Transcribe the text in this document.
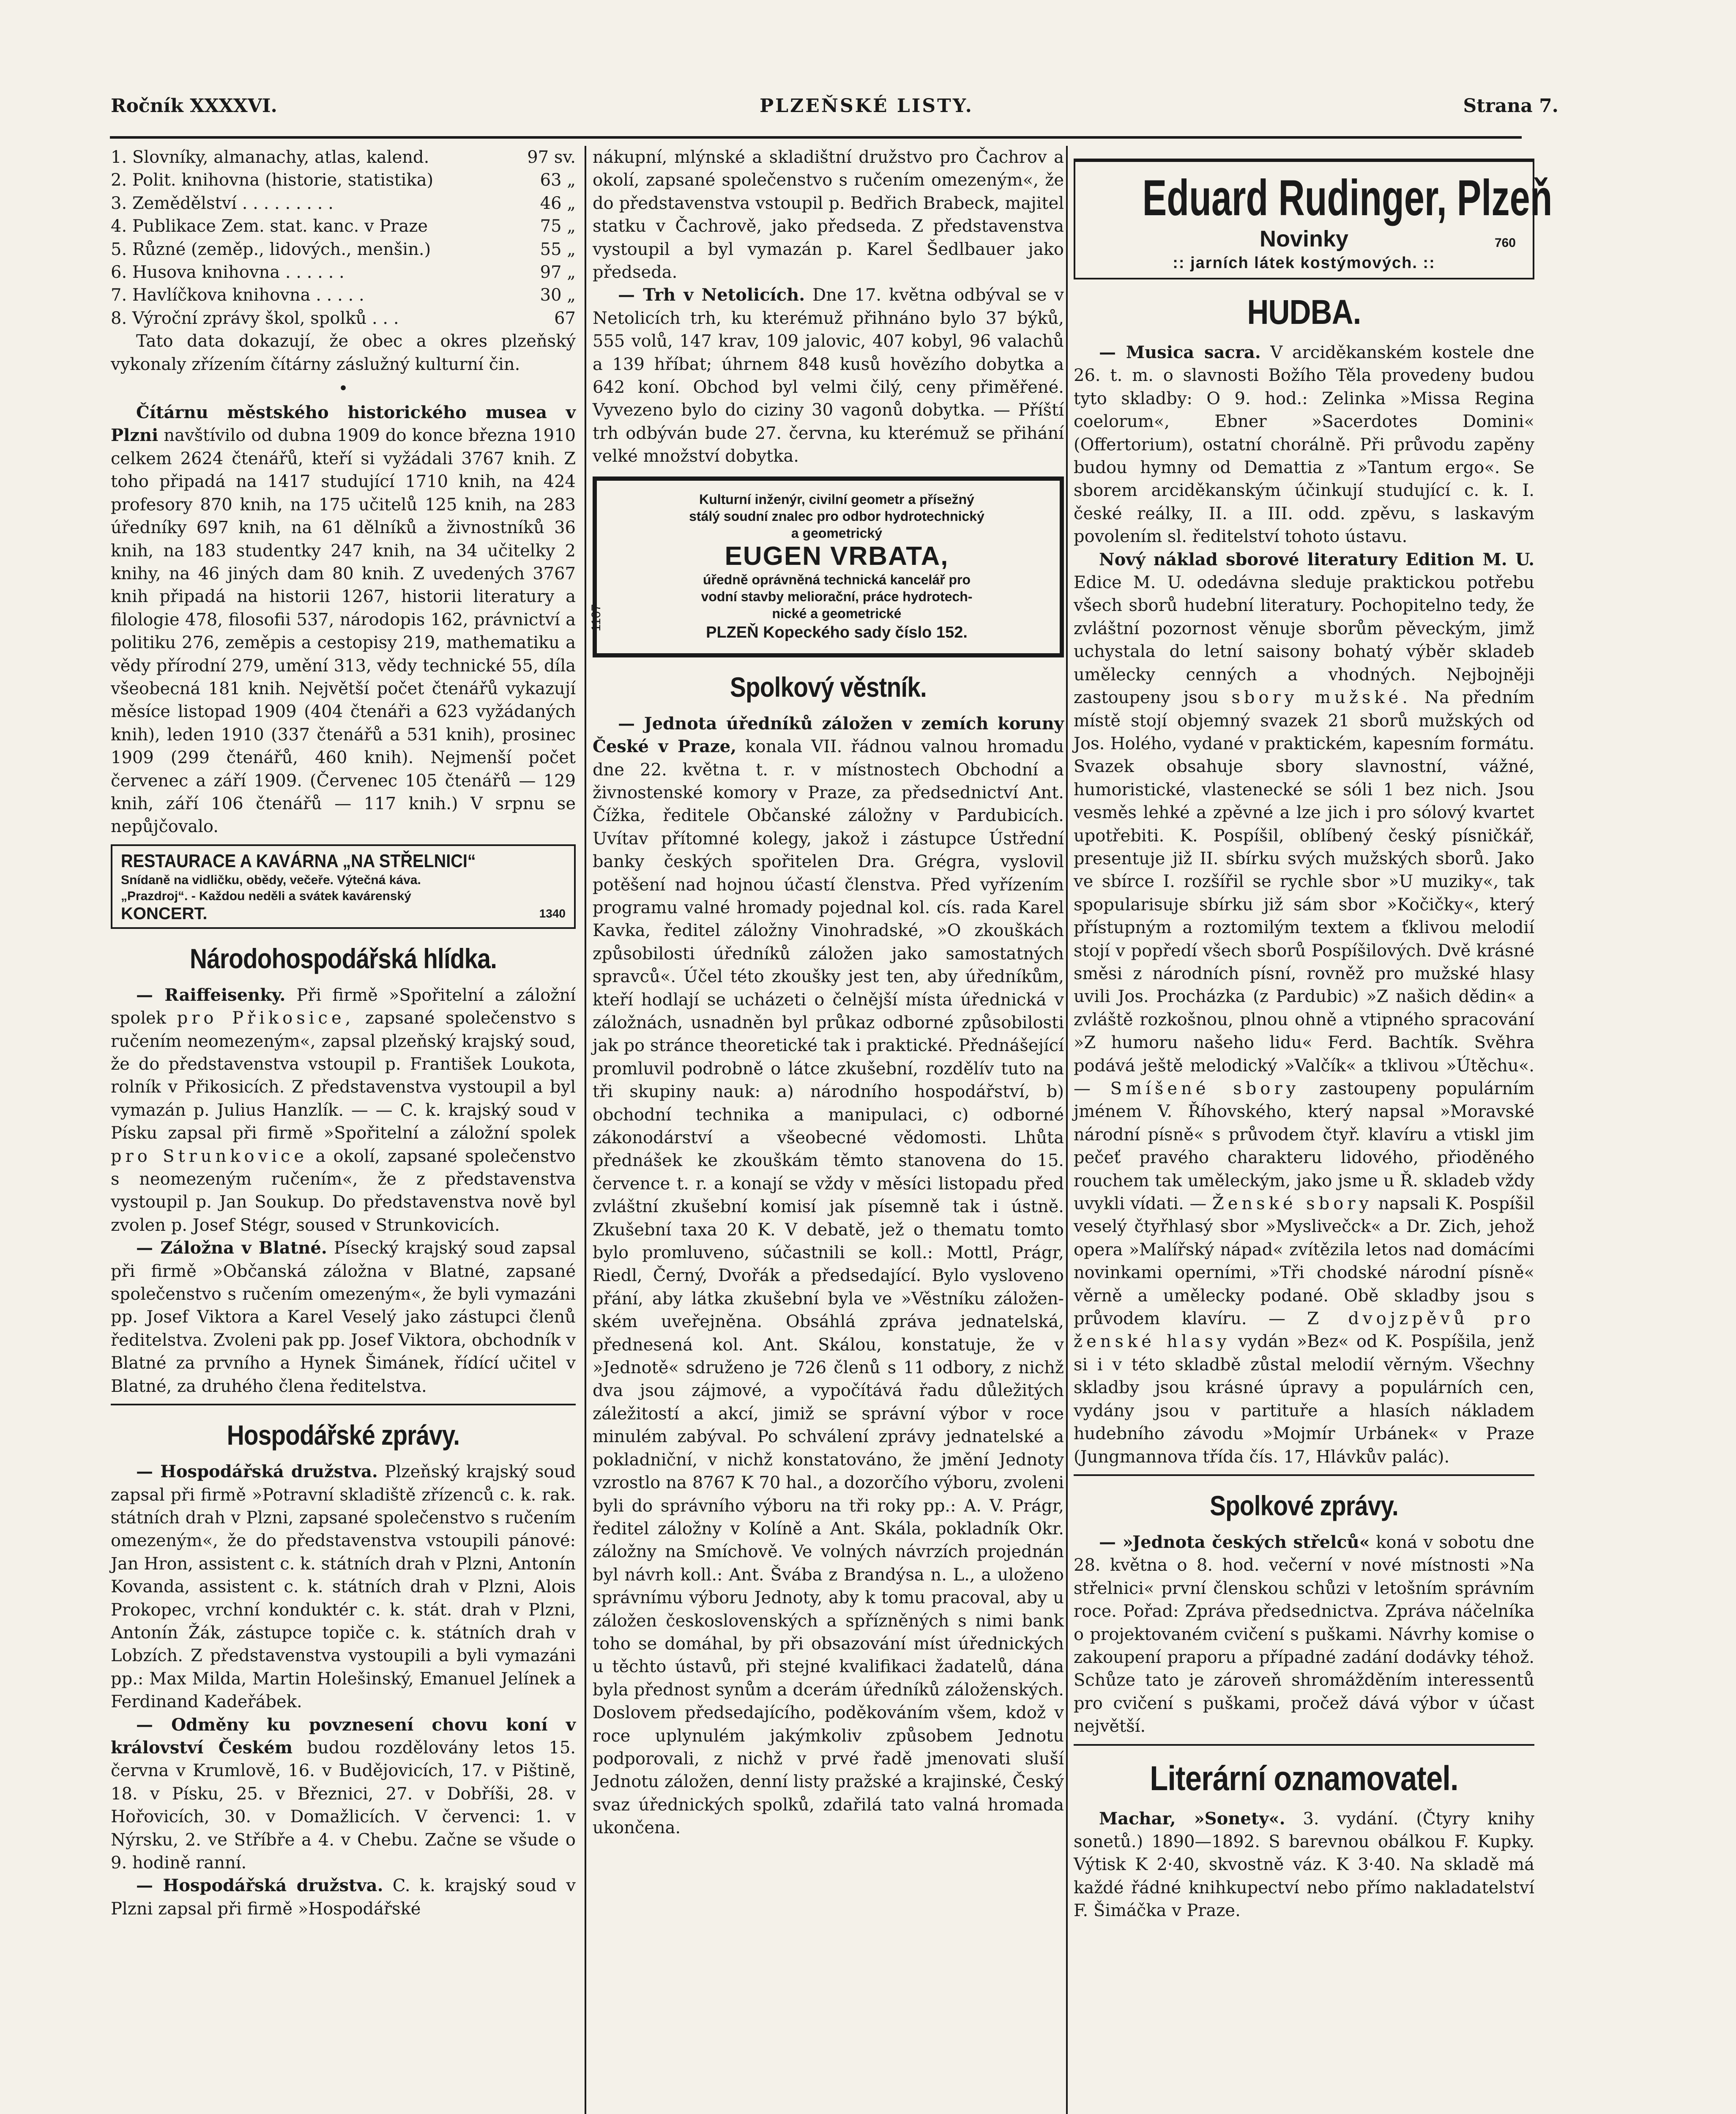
Ročník XXXXVI.	PLZEŇSKÉ LISTY.	Strana 7.
1. Slovníky, almanachy, atlas, kalend.	97 sv.
2. Polit. knihovna (historie, statistika)	63 „
3. Zemědělství . . . . . . . . .	46 „
4. Publikace Zem. stat. kanc. v Praze	75 „
5. Různé (zeměp., lidových., menšin.)	55 „
6. Husova knihovna . . . . . .	97 „
7. Havlíčkova knihovna . . . . .	30 „
8. Výroční zprávy škol, spolků . . .	67

Tato data dokazují, že obec a okres plzeňský vykonaly zřízením čítárny záslužný kulturní čin.

•

Čítárnu městského historického musea v Plzni navštívilo od dubna 1909 do konce března 1910 celkem 2624 čtenářů, kteří si vyžádali 3767 knih. Z toho připadá na 1417 studující 1710 knih, na 424 profesory 870 knih, na 175 učitelů 125 knih, na 283 úředníky 697 knih, na 61 dělníků a živnostníků 36 knih, na 183 studentky 247 knih, na 34 učitelky 2 knihy, na 46 jiných dam 80 knih. Z uvedených 3767 knih připadá na historii 1267, historii literatury a filologie 478, filosofii 537, národopis 162, právnictví a politiku 276, zeměpis a cestopisy 219, mathematiku a vědy přírodní 279, umění 313, vědy technické 55, díla všeobecná 181 knih. Největší počet čtenářů vykazují měsíce listopad 1909 (404 čtenáři a 623 vyžádaných knih), leden 1910 (337 čtenářů a 531 knih), prosinec 1909 (299 čtenářů, 460 knih). Nejmenší počet červenec a září 1909. (Červenec 105 čtenářů — 129 knih, září 106 čtenářů — 117 knih.) V srpnu se nepůjčovalo.

RESTAURACE A KAVÁRNA „NA STŘELNICI“
Snídaně na vidličku, obědy, večeře. Výtečná káva.
„Prazdroj“. - Každou neděli a svátek kavárenský
KONCERT.	1340
Národohospodářská hlídka.

— Raiffeisenky. Při firmě »Spořitelní a záložní spolek pro Přikosice, zapsané společenstvo s ručením neomezeným«, zapsal plzeňský krajský soud, že do představenstva vstoupil p. František Loukota, rolník v Přikosicích. Z představenstva vystoupil a byl vymazán p. Julius Hanzlík. — — C. k. krajský soud v Písku zapsal při firmě »Spořitelní a záložní spolek pro Strunkovice a okolí, zapsané společenstvo s neomezeným ručením«, že z představenstva vystoupil p. Jan Soukup. Do představenstva nově byl zvolen p. Josef Stégr, soused v Strunkovicích.

— Záložna v Blatné. Písecký krajský soud zapsal při firmě »Občanská záložna v Blatné, zapsané společenstvo s ručením omezeným«, že byli vymazáni pp. Josef Viktora a Karel Veselý jako zástupci členů ředitelstva. Zvoleni pak pp. Josef Viktora, obchodník v Blatné za prvního a Hynek Šimánek, řídící učitel v Blatné, za druhého člena ředitelstva.

Hospodářské zprávy.

— Hospodářská družstva. Plzeňský krajský soud zapsal při firmě »Potravní skladiště zřízenců c. k. rak. státních drah v Plzni, zapsané společenstvo s ručením omezeným«, že do představenstva vstoupili pánové: Jan Hron, assistent c. k. státních drah v Plzni, Antonín Kovanda, assistent c. k. státních drah v Plzni, Alois Prokopec, vrchní konduktér c. k. stát. drah v Plzni, Antonín Žák, zástupce topiče c. k. státních drah v Lobzích. Z představenstva vystoupili a byli vymazáni pp.: Max Milda, Martin Holešinský, Emanuel Jelínek a Ferdinand Kadeřábek.

— Odměny ku povznesení chovu koní v království Českém budou rozdělovány letos 15. června v Krumlově, 16. v Budějovicích, 17. v Pištině, 18. v Písku, 25. v Březnici, 27. v Dobříši, 28. v Hořovicích, 30. v Domažlicích. V červenci: 1. v Nýrsku, 2. ve Stříbře a 4. v Chebu. Začne se všude o 9. hodině ranní.

— Hospodářská družstva. C. k. krajský soud v Plzni zapsal při firmě »Hospodářské

nákupní, mlýnské a skladištní družstvo pro Čachrov a okolí, zapsané společenstvo s ručením omezeným«, že do představenstva vstoupil p. Bedřich Brabeck, majitel statku v Čachrově, jako předseda. Z představenstva vystoupil a byl vymazán p. Karel Šedlbauer jako předseda.

— Trh v Netolicích. Dne 17. května odbýval se v Netolicích trh, ku kterémuž přihnáno bylo 37 býků, 555 volů, 147 krav, 109 jalovic, 407 kobyl, 96 valachů a 139 hříbat; úhrnem 848 kusů hovězího dobytka a 642 koní. Obchod byl velmi čilý, ceny přiměřené. Vyvezeno bylo do ciziny 30 vagonů dobytka. — Příští trh odbýván bude 27. června, ku kterémuž se přihání velké množství dobytka.

Kulturní inženýr, civilní geometr a přísežný
stálý soudní znalec pro odbor hydrotechnický
a geometrický
EUGEN VRBATA,
úředně oprávněná technická kancelář pro
vodní stavby meliorační, práce hydrotech-
nické a geometrické
PLZEŇ Kopeckého sady číslo 152.
1107
Spolkový věstník.

— Jednota úředníků záložen v zemích koruny České v Praze, konala VII. řádnou valnou hromadu dne 22. května t. r. v místnostech Obchodní a živnostenské komory v Praze, za předsednictví Ant. Čížka, ředitele Občanské záložny v Pardubicích. Uvítav přítomné kolegy, jakož i zástupce Ústřední banky českých spořitelen Dra. Grégra, vyslovil potěšení nad hojnou účastí členstva. Před vyřízením programu valné hromady pojednal kol. cís. rada Karel Kavka, ředitel záložny Vinohradské, »O zkouškách způsobilosti úředníků záložen jako samostatných spravců«. Účel této zkoušky jest ten, aby úředníkům, kteří hodlají se ucházeti o čelnější místa úřednická v záložnách, usnadněn byl průkaz odborné způsobilosti jak po stránce theoretické tak i praktické. Přednášející promluvil podrobně o látce zkušební, rozdělív tuto na tři skupiny nauk: a) národního hospodářství, b) obchodní technika a manipulaci, c) odborné zákonodárství a všeobecné vědomosti. Lhůta přednášek ke zkouškám těmto stanovena do 15. července t. r. a konají se vždy v měsíci listopadu před zvláštní zkušební komisí jak písemně tak i ústně. Zkušební taxa 20 K. V debatě, jež o thematu tomto bylo promluveno, súčastnili se koll.: Mottl, Prágr, Riedl, Černý, Dvořák a předsedající. Bylo vysloveno přání, aby látka zkušební byla ve »Věstníku záloženském uveřejněna. Obsáhlá zpráva jednatelská, přednesená kol. Ant. Skálou, konstatuje, že v »Jednotě« sdruženo je 726 členů s 11 odbory, z nichž dva jsou zájmové, a vypočítává řadu důležitých záležitostí a akcí, jimiž se správní výbor v roce minulém zabýval. Po schválení zprávy jednatelské a pokladniční, v nichž konstatováno, že jmění Jednoty vzrostlo na 8767 K 70 hal., a dozorčího výboru, zvoleni byli do správního výboru na tři roky pp.: A. V. Prágr, ředitel záložny v Kolíně a Ant. Skála, pokladník Okr. záložny na Smíchově. Ve volných návrzích projednán byl návrh koll.: Ant. Švába z Brandýsa n. L., a uloženo správnímu výboru Jednoty, aby k tomu pracoval, aby u záložen československých a spřízněných s nimi bank toho se domáhal, by při obsazování míst úřednických u těchto ústavů, při stejné kvalifikaci žadatelů, dána byla přednost synům a dcerám úředníků záloženských. Doslovem předsedajícího, poděkováním všem, kdož v roce uplynulém jakýmkoliv způsobem Jednotu podporovali, z nichž v prvé řadě jmenovati sluší Jednotu záložen, denní listy pražské a krajinské, Český svaz úřednických spolků, zdařilá tato valná hromada ukončena.

Eduard Rudinger, Plzeň
Novinky	760
:: jarních látek kostýmových. ::
HUDBA.

— Musica sacra. V arciděkanském kostele dne 26. t. m. o slavnosti Božího Těla provedeny budou tyto skladby: O 9. hod.: Zelinka »Missa Regina coelorum«, Ebner »Sacerdotes Domini« (Offertorium), ostatní chorálně. Při průvodu zapěny budou hymny od Demattia z »Tantum ergo«. Se sborem arciděkanským účinkují studující c. k. I. české reálky, II. a III. odd. zpěvu, s laskavým povolením sl. ředitelství tohoto ústavu.

Nový náklad sborové literatury Edition M. U. Edice M. U. odedávna sleduje praktickou potřebu všech sborů hudební literatury. Pochopitelno tedy, že zvláštní pozornost věnuje sborům pěveckým, jimž uchystala do letní saisony bohatý výběr skladeb umělecky cenných a vhodných. Nejbojněji zastoupeny jsou sbory mužské. Na předním místě stojí objemný svazek 21 sborů mužských od Jos. Holého, vydané v praktickém, kapesním formátu. Svazek obsahuje sbory slavnostní, vážné, humoristické, vlastenecké se sóli 1 bez nich. Jsou vesměs lehké a zpěvné a lze jich i pro sólový kvartet upotřebiti. K. Pospíšil, oblíbený český písničkář, presentuje již II. sbírku svých mužských sborů. Jako ve sbírce I. rozšířil se rychle sbor »U muziky«, tak spopularisuje sbírku již sám sbor »Kočičky«, který přístupným a roztomilým textem a ťklivou melodií stojí v popředí všech sborů Pospíšilových. Dvě krásné směsi z národních písní, rovněž pro mužské hlasy uvili Jos. Procházka (z Pardubic) »Z našich dědin« a zvláště rozkošnou, plnou ohně a vtipného spracování »Z humoru našeho lidu« Ferd. Bachtík. Svěhra podává ještě melodický »Valčík« a tklivou »Útěchu«. — Smíšené sbory zastoupeny populárním jménem V. Říhovského, který napsal »Moravské národní písně« s průvodem čtyř. klavíru a vtiskl jim pečeť pravého charakteru lidového, přioděného rouchem tak uměleckým, jako jsme u Ř. skladeb vždy uvykli vídati. — Ženské sbory napsali K. Pospíšil veselý čtyřhlasý sbor »Myslivečck« a Dr. Zich, jehož opera »Malířský nápad« zvítězila letos nad domácími novinkami operními, »Tři chodské národní písně« věrně a umělecky podané. Obě skladby jsou s průvodem klavíru. — Z dvojzpěvů pro ženské hlasy vydán »Bez« od K. Pospíšila, jenž si i v této skladbě zůstal melodií věrným. Všechny skladby jsou krásné úpravy a populárních cen, vydány jsou v partituře a hlasích nákladem hudebního závodu »Mojmír Urbánek« v Praze (Jungmannova třída čís. 17, Hlávkův palác).

Spolkové zprávy.

— »Jednota českých střelců« koná v sobotu dne 28. května o 8. hod. večerní v nové místnosti »Na střelnici« první členskou schůzi v letošním správním roce. Pořad: Zpráva předsednictva. Zpráva náčelníka o projektovaném cvičení s puškami. Návrhy komise o zakoupení praporu a případné zadání dodávky téhož. Schůze tato je zároveň shromážděním interessentů pro cvičení s puškami, pročež dává výbor v účast největší.

Literární oznamovatel.

Machar, »Sonety«. 3. vydání. (Čtyry knihy sonetů.) 1890—1892. S barevnou obálkou F. Kupky. Výtisk K 2·40, skvostně váz. K 3·40. Na skladě má každé řádné knihkupectví nebo přímo nakladatelství F. Šimáčka v Praze.
